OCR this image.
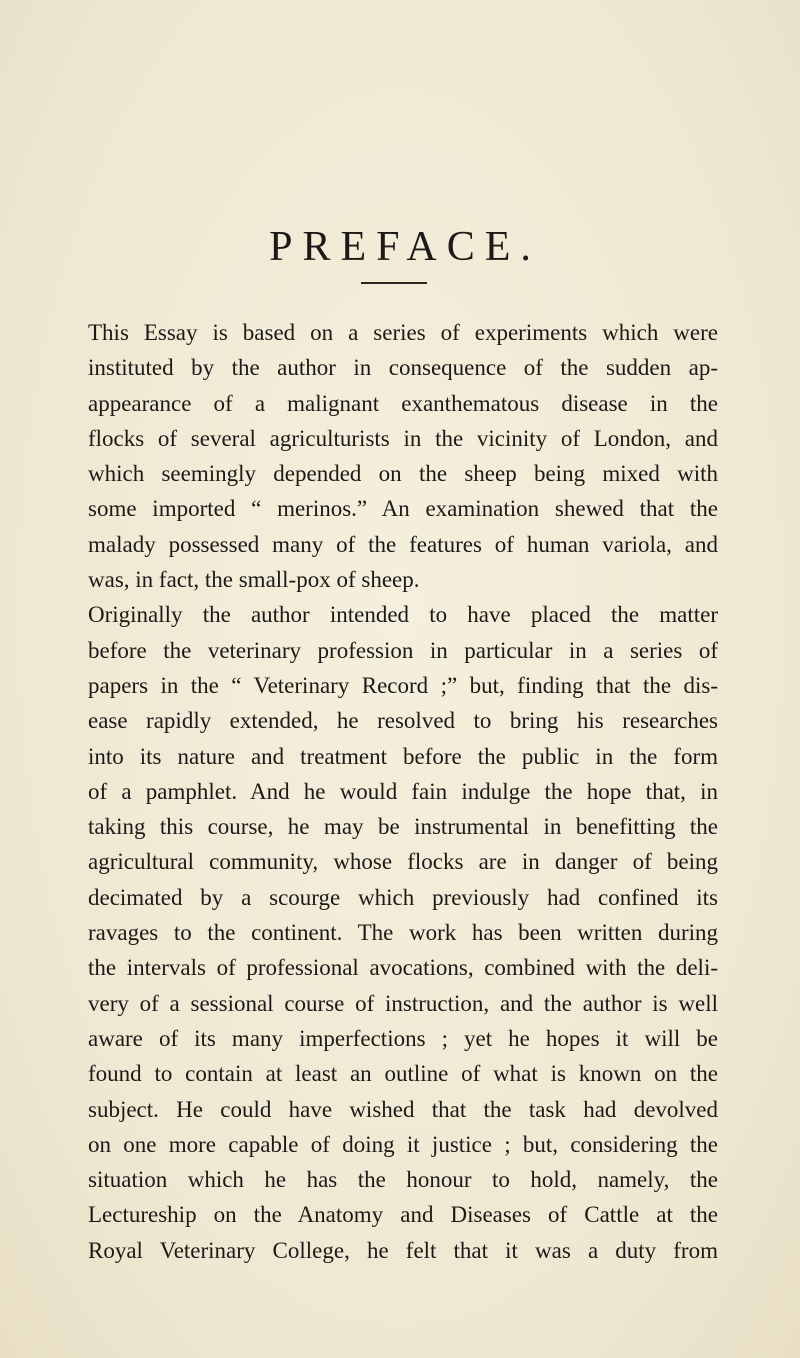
PREFACE.
This Essay is based on a series of experiments which were
instituted by the author in consequence of the sudden ap-
appearance of a malignant exanthematous disease in the
flocks of several agriculturists in the vicinity of London, and
which seemingly depended on the sheep being mixed with
some imported “ merinos.” An examination shewed that the
malady possessed many of the features of human variola, and
was, in fact, the small-pox of sheep.
Originally the author intended to have placed the matter
before the veterinary profession in particular in a series of
papers in the “ Veterinary Record ;” but, finding that the dis-
ease rapidly extended, he resolved to bring his researches
into its nature and treatment before the public in the form
of a pamphlet. And he would fain indulge the hope that, in
taking this course, he may be instrumental in benefitting the
agricultural community, whose flocks are in danger of being
decimated by a scourge which previously had confined its
ravages to the continent. The work has been written during
the intervals of professional avocations, combined with the deli-
very of a sessional course of instruction, and the author is well
aware of its many imperfections ; yet he hopes it will be
found to contain at least an outline of what is known on the
subject. He could have wished that the task had devolved
on one more capable of doing it justice ; but, considering the
situation which he has the honour to hold, namely, the
Lectureship on the Anatomy and Diseases of Cattle at the
Royal Veterinary College, he felt that it was a duty from
